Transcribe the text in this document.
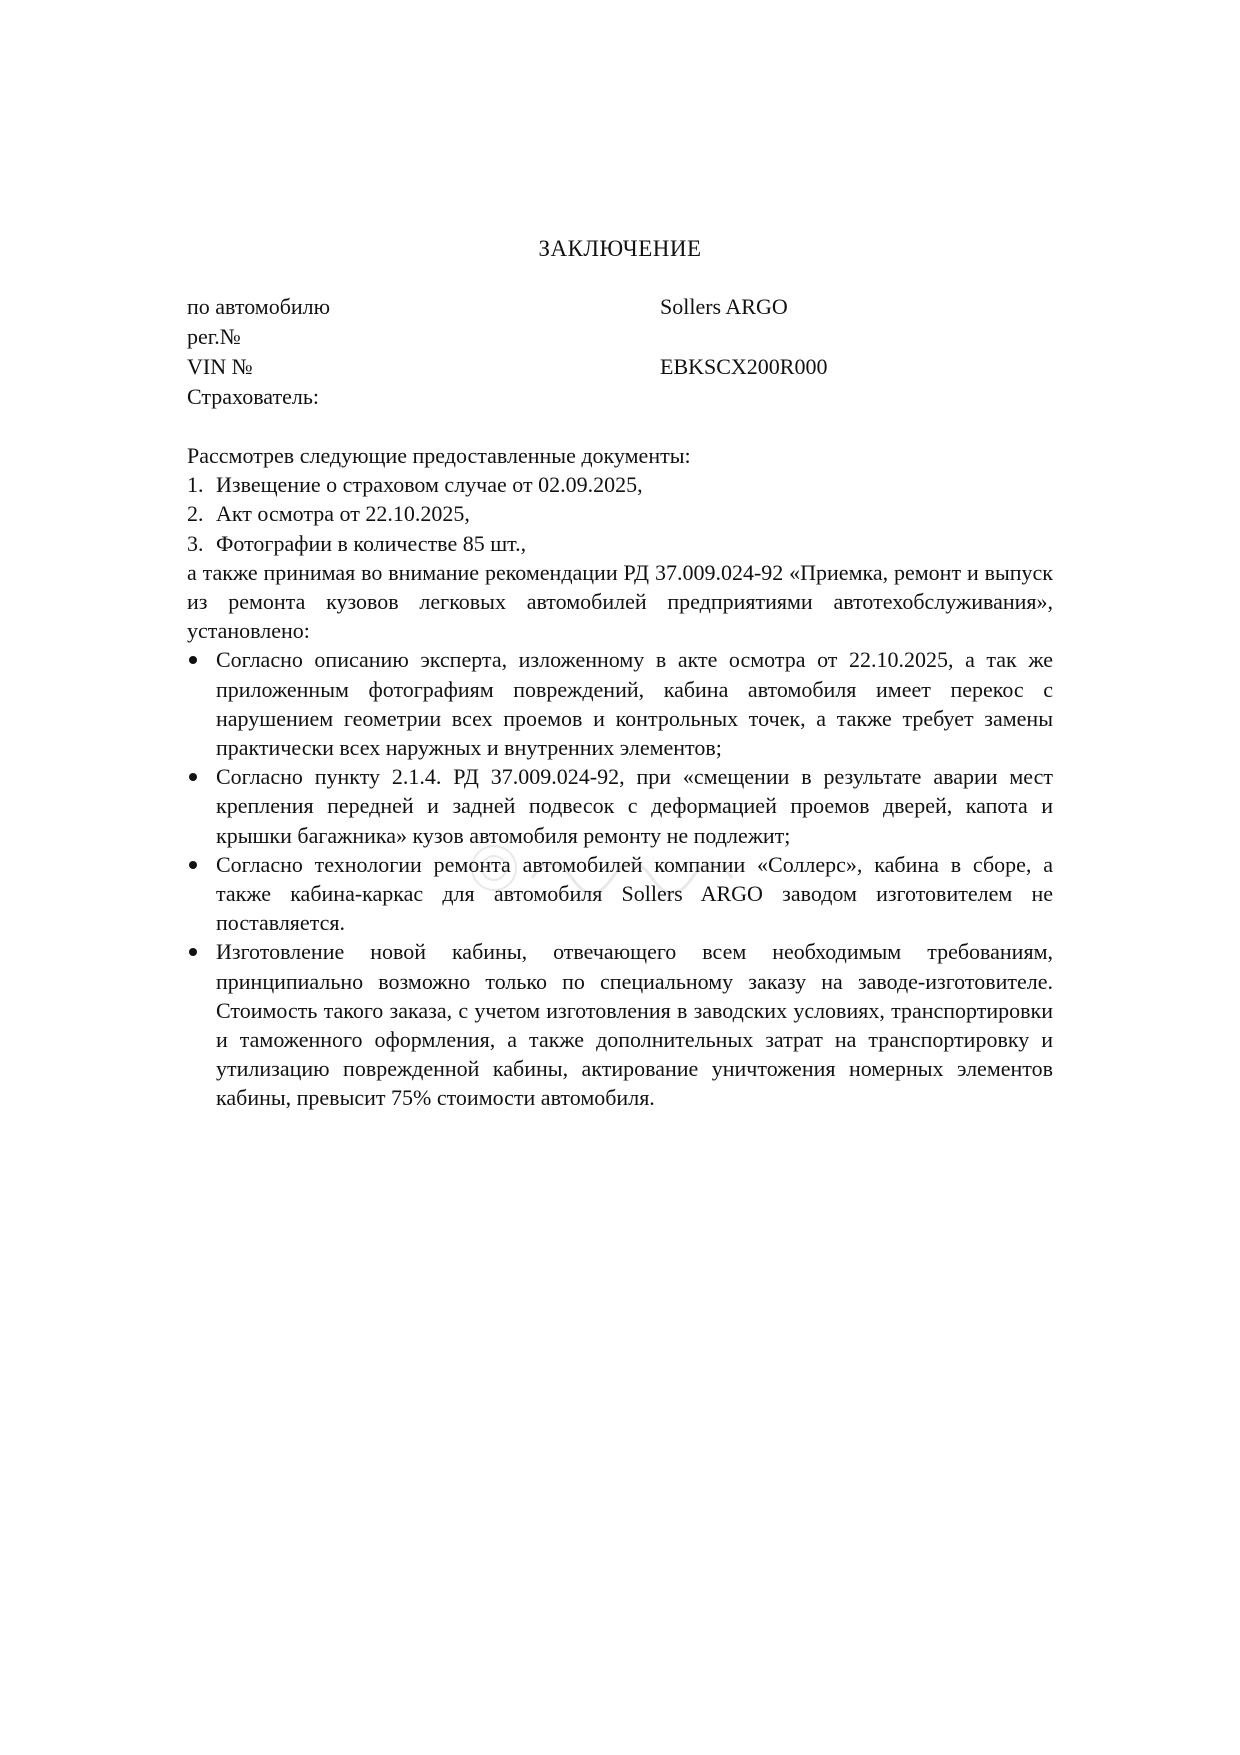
ЗАКЛЮЧЕНИЕ
по автомобилю	Sollers ARGO
рег.№
VIN №	EBKSCX200R000
Страхователь:
Рассмотрев следующие предоставленные документы:
1. Извещение о страховом случае от 02.09.2025,
2. Акт осмотра от 22.10.2025,
3. Фотографии в количестве 85 шт.,
а также принимая во внимание рекомендации РД 37.009.024-92 «Приемка, ремонт и выпуск из ремонта кузовов легковых автомобилей предприятиями автотехобслуживания», установлено:
Согласно описанию эксперта, изложенному в акте осмотра от 22.10.2025, а так же приложенным фотографиям повреждений, кабина автомобиля имеет перекос с нарушением геометрии всех проемов и контрольных точек, а также требует замены практически всех наружных и внутренних элементов;
Согласно пункту 2.1.4. РД 37.009.024-92, при «смещении в результате аварии мест крепления передней и задней подвесок с деформацией проемов дверей, капота и крышки багажника» кузов автомобиля ремонту не подлежит;
Согласно технологии ремонта автомобилей компании «Соллерс», кабина в сборе, а также кабина-каркас для автомобиля Sollers ARGO заводом изготовителем не поставляется.
Изготовление новой кабины, отвечающего всем необходимым требованиям, принципиально возможно только по специальному заказу на заводе-изготовителе. Стоимость такого заказа, с учетом изготовления в заводских условиях, транспортировки и таможенного оформления, а также дополнительных затрат на транспортировку и утилизацию поврежденной кабины, актирование уничтожения номерных элементов кабины, превысит 75% стоимости автомобиля.
